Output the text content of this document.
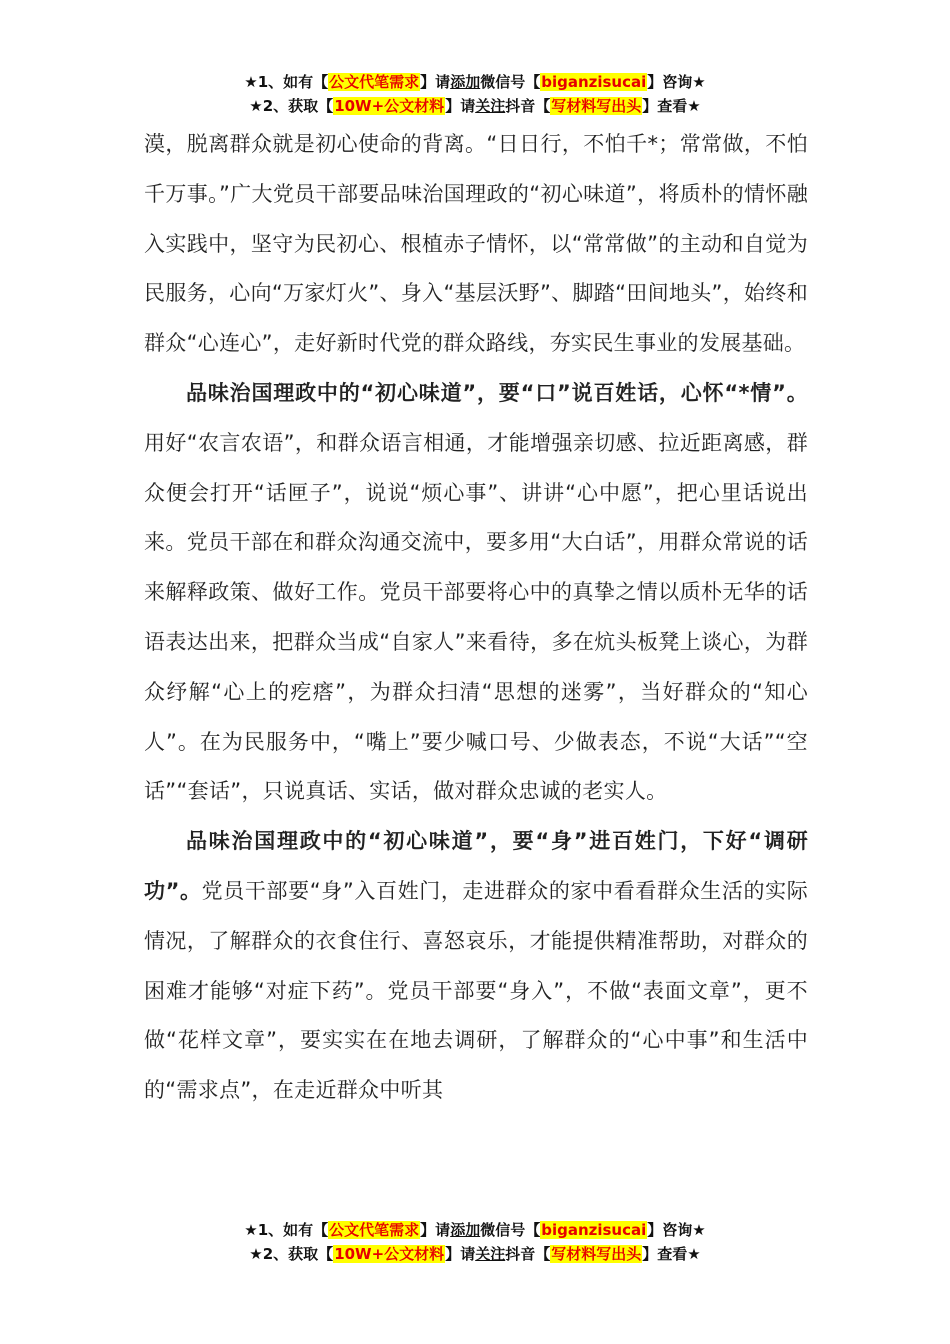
★1、如有【公文代笔需求】请添加微信号【biganzisucai】咨询★
★2、获取【10W+公文材料】请关注抖音【写材料写出头】查看★

漠，脱离群众就是初心使命的背离。“日日行，不怕千*；常常做，不怕千万事。”广大党员干部要品味治国理政的“初心味道”，将质朴的情怀融入实践中，坚守为民初心、根植赤子情怀，以“常常做”的主动和自觉为民服务，心向“万家灯火”、身入“基层沃野”、脚踏“田间地头”，始终和群众“心连心”，走好新时代党的群众路线，夯实民生事业的发展基础。

品味治国理政中的“初心味道”，要“口”说百姓话，心怀“*情”。用好“农言农语”，和群众语言相通，才能增强亲切感、拉近距离感，群众便会打开“话匣子”，说说“烦心事”、讲讲“心中愿”，把心里话说出来。党员干部在和群众沟通交流中，要多用“大白话”，用群众常说的话来解释政策、做好工作。党员干部要将心中的真挚之情以质朴无华的话语表达出来，把群众当成“自家人”来看待，多在炕头板凳上谈心，为群众纾解“心上的疙瘩”，为群众扫清“思想的迷雾”，当好群众的“知心人”。在为民服务中，“嘴上”要少喊口号、少做表态，不说“大话”“空话”“套话”，只说真话、实话，做对群众忠诚的老实人。

品味治国理政中的“初心味道”，要“身”进百姓门，下好“调研功”。党员干部要“身”入百姓门，走进群众的家中看看群众生活的实际情况，了解群众的衣食住行、喜怒哀乐，才能提供精准帮助，对群众的困难才能够“对症下药”。党员干部要“身入”，不做“表面文章”，更不做“花样文章”，要实实在在地去调研，了解群众的“心中事”和生活中的“需求点”，在走近群众中听其

★1、如有【公文代笔需求】请添加微信号【biganzisucai】咨询★
★2、获取【10W+公文材料】请关注抖音【写材料写出头】查看★
